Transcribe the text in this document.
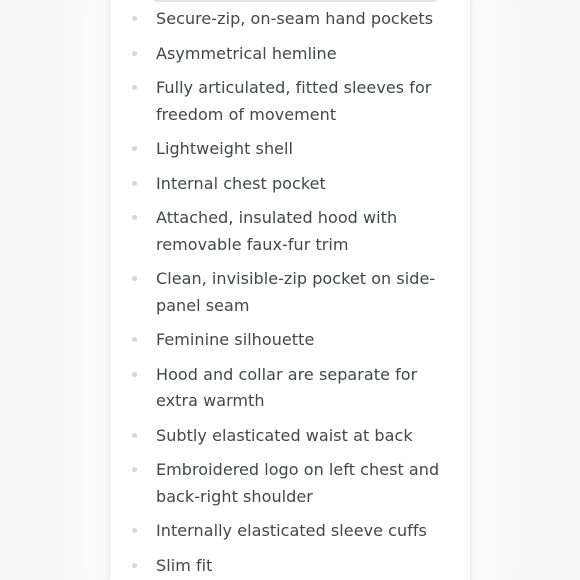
Secure-zip, on-seam hand pockets
Asymmetrical hemline
Fully articulated, fitted sleeves for freedom of movement
Lightweight shell
Internal chest pocket
Attached, insulated hood with removable faux-fur trim
Clean, invisible-zip pocket on side-panel seam
Feminine silhouette
Hood and collar are separate for extra warmth
Subtly elasticated waist at back
Embroidered logo on left chest and back-right shoulder
Internally elasticated sleeve cuffs
Slim fit
